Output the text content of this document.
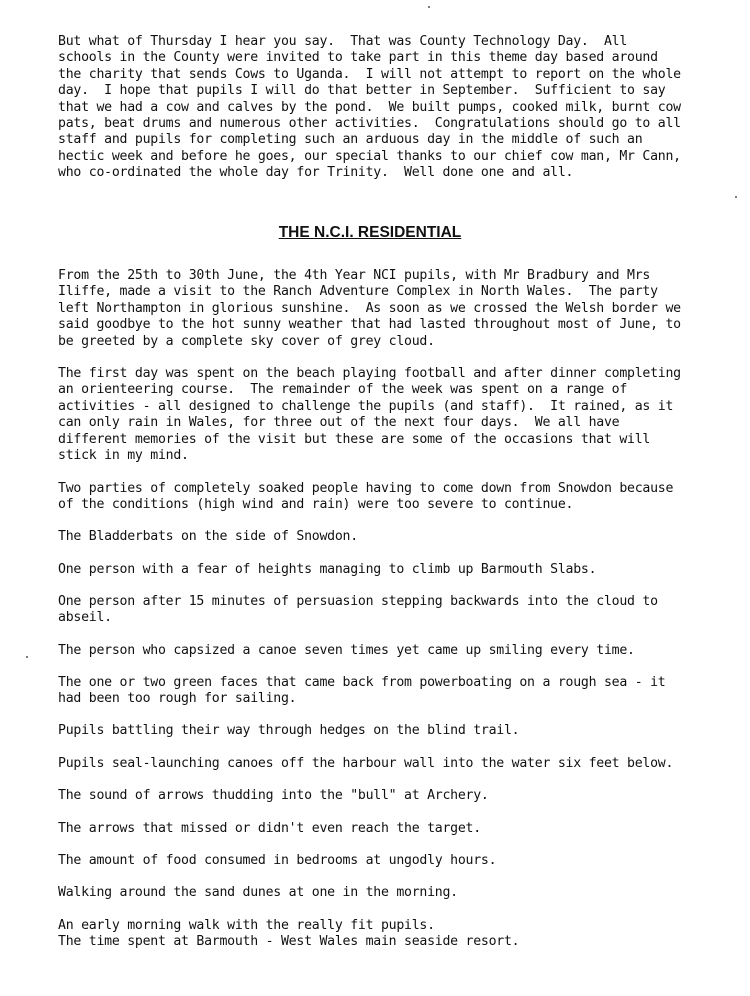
But what of Thursday I hear you say.  That was County Technology Day.  All
schools in the County were invited to take part in this theme day based around
the charity that sends Cows to Uganda.  I will not attempt to report on the whole
day.  I hope that pupils I will do that better in September.  Sufficient to say
that we had a cow and calves by the pond.  We built pumps, cooked milk, burnt cow
pats, beat drums and numerous other activities.  Congratulations should go to all
staff and pupils for completing such an arduous day in the middle of such an
hectic week and before he goes, our special thanks to our chief cow man, Mr Cann,
who co-ordinated the whole day for Trinity.  Well done one and all.

THE N.C.I. RESIDENTIAL

From the 25th to 30th June, the 4th Year NCI pupils, with Mr Bradbury and Mrs
Iliffe, made a visit to the Ranch Adventure Complex in North Wales.  The party
left Northampton in glorious sunshine.  As soon as we crossed the Welsh border we
said goodbye to the hot sunny weather that had lasted throughout most of June, to
be greeted by a complete sky cover of grey cloud.

The first day was spent on the beach playing football and after dinner completing
an orienteering course.  The remainder of the week was spent on a range of
activities - all designed to challenge the pupils (and staff).  It rained, as it
can only rain in Wales, for three out of the next four days.  We all have
different memories of the visit but these are some of the occasions that will
stick in my mind.

Two parties of completely soaked people having to come down from Snowdon because
of the conditions (high wind and rain) were too severe to continue.

The Bladderbats on the side of Snowdon.

One person with a fear of heights managing to climb up Barmouth Slabs.

One person after 15 minutes of persuasion stepping backwards into the cloud to
abseil.

The person who capsized a canoe seven times yet came up smiling every time.

The one or two green faces that came back from powerboating on a rough sea - it
had been too rough for sailing.

Pupils battling their way through hedges on the blind trail.

Pupils seal-launching canoes off the harbour wall into the water six feet below.

The sound of arrows thudding into the "bull" at Archery.

The arrows that missed or didn't even reach the target.

The amount of food consumed in bedrooms at ungodly hours.

Walking around the sand dunes at one in the morning.

An early morning walk with the really fit pupils.
The time spent at Barmouth - West Wales main seaside resort.
